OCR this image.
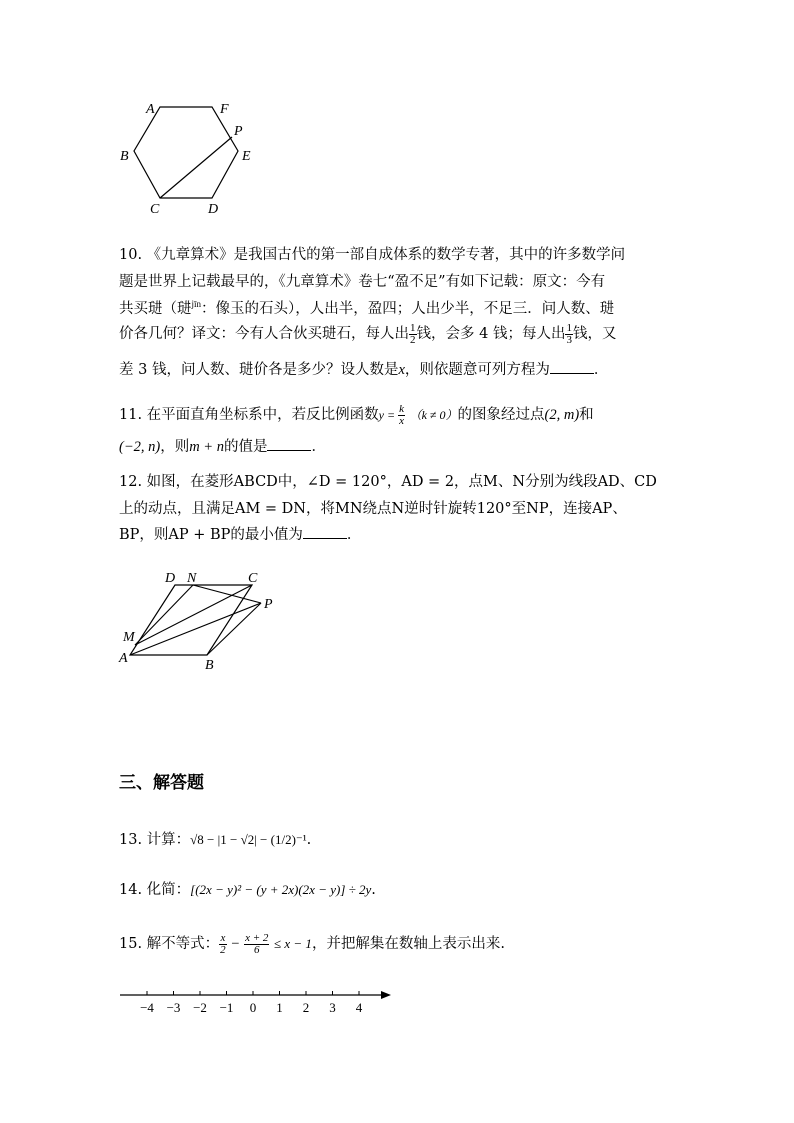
A	F
P
B	E
C	D
10. 《九章算术》是我国古代的第一部自成体系的数学专著，其中的许多数学问
题是世界上记载最早的，《九章算术》卷七“盈不足”有如下记载：原文：今有
共买琎（琎$^{jīn}$：像玉的石头），人出半，盈四；人出少半，不足三．问人数、琎
价各几何？译文：今有人合伙买琎石，每人出 $\frac{1}{2}$ 钱，会多 4 钱；每人出 $\frac{1}{3}$ 钱，又
差 3 钱，问人数、琎价各是多少？设人数是x，则依题意可列方程为	．
11. 在平面直角坐标系中，若反比例函数$y = \frac{k}{x} (k \ne 0)$的图象经过点(2, m)和
(−2, n)，则m + n的值是	．
12. 如图，在菱形ABCD中，∠D = 120°，AD = 2，点M、N分别为线段AD、CD
上的动点，且满足AM = DN，将MN绕点N逆时针旋转120°至NP，连接AP、
BP，则AP + BP的最小值为	．
D N	C
P
M
A	B
三、解答题
13. 计算：√8 − |1 − √2| − (1/2)⁻¹.
14. 化简：[(2x − y)² − (y + 2x)(2x − y)] ÷ 2y.
15. 解不等式： $\frac{x}{2} - \frac{x + 2}{6} \le x - 1$，并把解集在数轴上表示出来.
−4 −3 −2 −1 0 1 2 3 4
